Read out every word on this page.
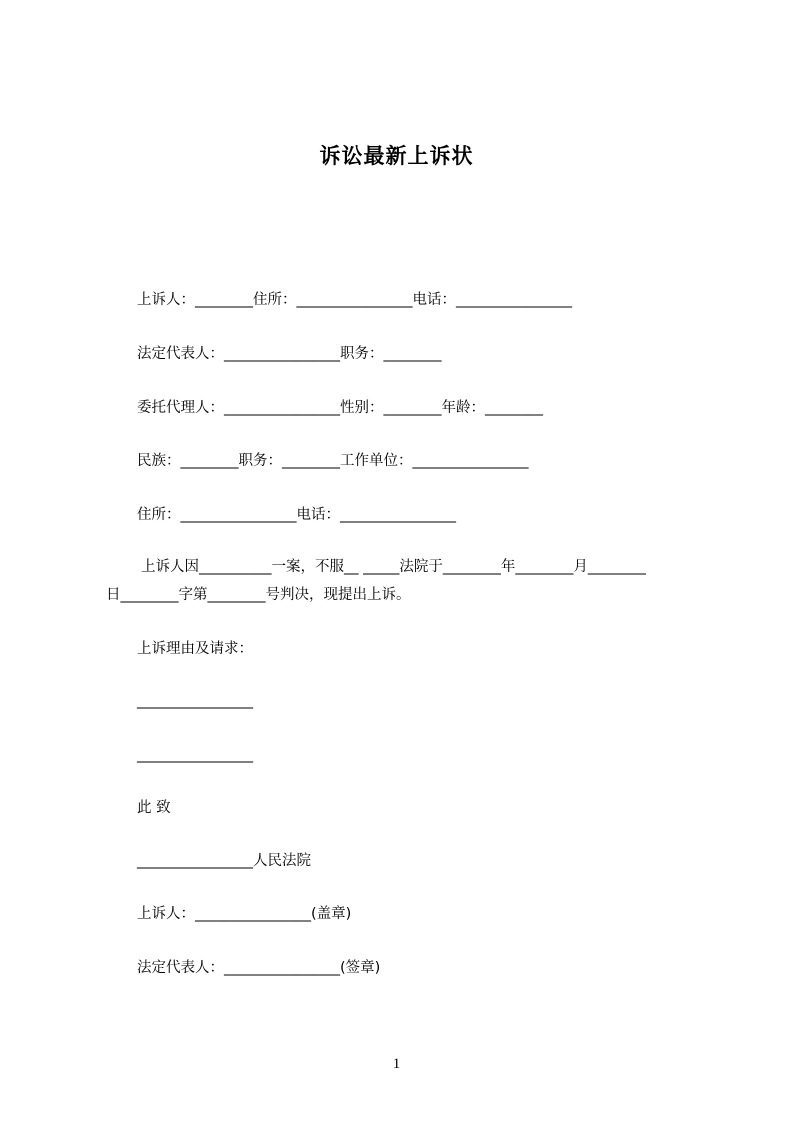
诉讼最新上诉状
上诉人：________住所：________________电话：________________
法定代表人：________________职务：________
委托代理人：________________性别：________年龄：________
民族：________职务：________工作单位：________________
住所：________________电话：________________
上诉人因__________一案，不服__ _____法院于________年________月________
日________字第________号判决，现提出上诉。
上诉理由及请求：
________________
________________
此 致
________________人民法院
上诉人：________________(盖章)
法定代表人：________________(签章)
1
